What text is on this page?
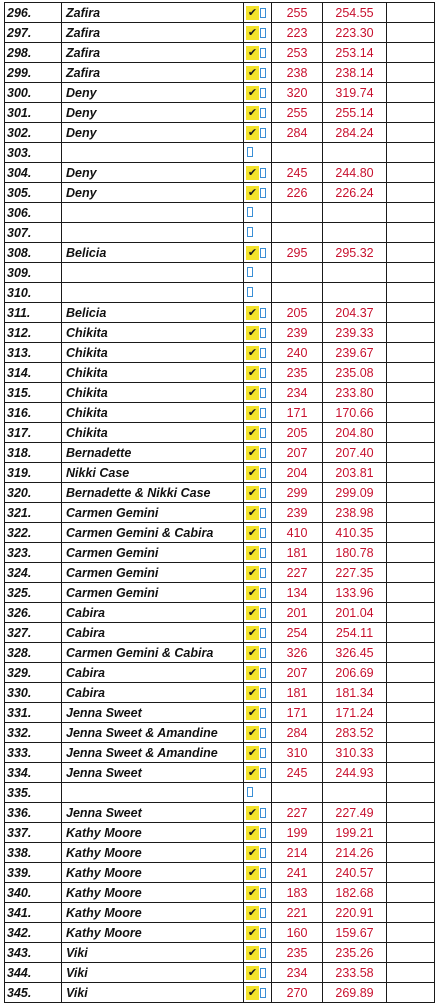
296.	Zafira	✔	255	254.55	
297.	Zafira	✔	223	223.30	
298.	Zafira	✔	253	253.14	
299.	Zafira	✔	238	238.14	
300.	Deny	✔	320	319.74	
301.	Deny	✔	255	255.14	
302.	Deny	✔	284	284.24	
303.		

304.	Deny	✔	245	244.80	
305.	Deny	✔	226	226.24	
306.		

307.		

308.	Belicia	✔	295	295.32	
309.		

310.		

311.	Belicia	✔	205	204.37	
312.	Chikita	✔	239	239.33	
313.	Chikita	✔	240	239.67	
314.	Chikita	✔	235	235.08	
315.	Chikita	✔	234	233.80	
316.	Chikita	✔	171	170.66	
317.	Chikita	✔	205	204.80	
318.	Bernadette	✔	207	207.40	
319.	Nikki Case	✔	204	203.81	
320.	Bernadette & Nikki Case	✔	299	299.09	
321.	Carmen Gemini	✔	239	238.98	
322.	Carmen Gemini & Cabira	✔	410	410.35	
323.	Carmen Gemini	✔	181	180.78	
324.	Carmen Gemini	✔	227	227.35	
325.	Carmen Gemini	✔	134	133.96	
326.	Cabira	✔	201	201.04	
327.	Cabira	✔	254	254.11	
328.	Carmen Gemini & Cabira	✔	326	326.45	
329.	Cabira	✔	207	206.69	
330.	Cabira	✔	181	181.34	
331.	Jenna Sweet	✔	171	171.24	
332.	Jenna Sweet & Amandine	✔	284	283.52	
333.	Jenna Sweet & Amandine	✔	310	310.33	
334.	Jenna Sweet	✔	245	244.93	
335.		

336.	Jenna Sweet	✔	227	227.49	
337.	Kathy Moore	✔	199	199.21	
338.	Kathy Moore	✔	214	214.26	
339.	Kathy Moore	✔	241	240.57	
340.	Kathy Moore	✔	183	182.68	
341.	Kathy Moore	✔	221	220.91	
342.	Kathy Moore	✔	160	159.67	
343.	Viki	✔	235	235.26	
344.	Viki	✔	234	233.58	
345.	Viki	✔	270	269.89	
